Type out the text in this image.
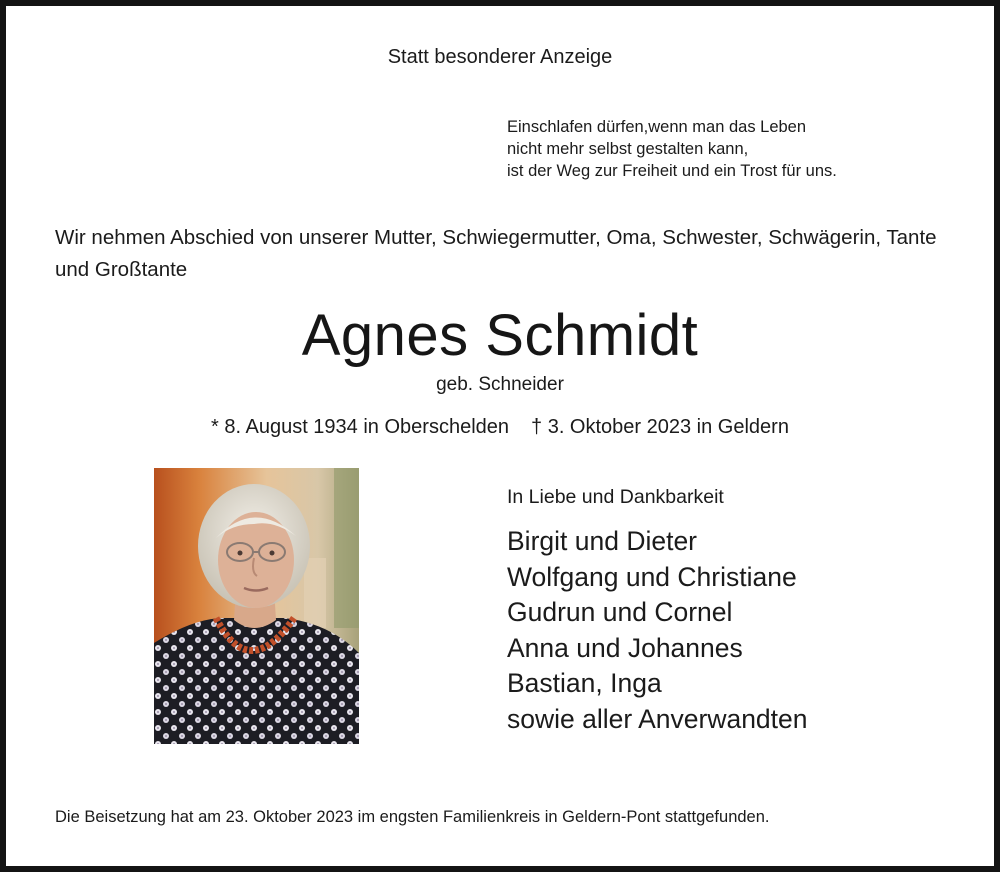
Statt besonderer Anzeige
Einschlafen dürfen,wenn man das Leben
nicht mehr selbst gestalten kann,
ist der Weg zur Freiheit und ein Trost für uns.
Wir nehmen Abschied von unserer Mutter, Schwiegermutter, Oma, Schwester, Schwägerin, Tante und Großtante
Agnes Schmidt
geb. Schneider
* 8. August 1934 in Oberschelden † 3. Oktober 2023 in Geldern
In Liebe und Dankbarkeit
Birgit und Dieter
Wolfgang und Christiane
Gudrun und Cornel
Anna und Johannes
Bastian, Inga
sowie aller Anverwandten
Die Beisetzung hat am 23. Oktober 2023 im engsten Familienkreis in Geldern-Pont stattgefunden.
